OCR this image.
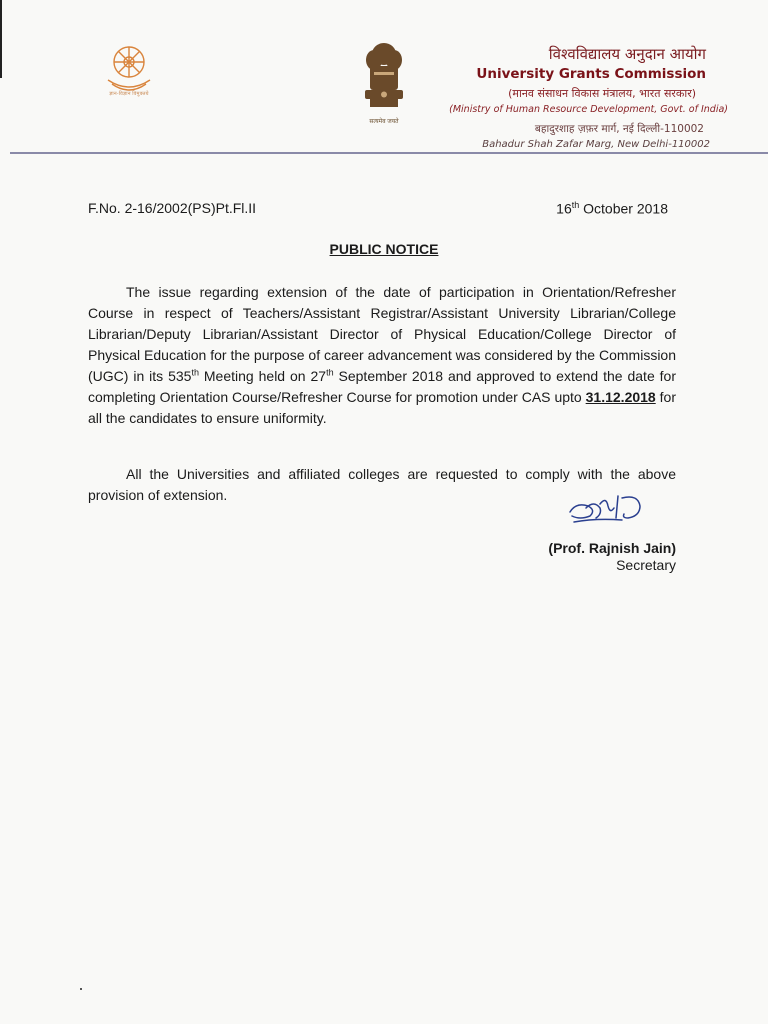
ज्ञान-विज्ञान विमुक्तये
सत्यमेव जयते
विश्वविद्यालय अनुदान आयोग
University Grants Commission
(मानव संसाधन विकास मंत्रालय, भारत सरकार)
(Ministry of Human Resource Development, Govt. of India)
बहादुरशाह ज़फ़र मार्ग, नई दिल्ली-110002
Bahadur Shah Zafar Marg, New Delhi-110002
F.No. 2-16/2002(PS)Pt.Fl.II	16th October 2018
PUBLIC NOTICE

The issue regarding extension of the date of participation in Orientation/Refresher Course in respect of Teachers/Assistant Registrar/Assistant University Librarian/College Librarian/Deputy Librarian/Assistant Director of Physical Education/College Director of Physical Education for the purpose of career advancement was considered by the Commission (UGC) in its 535th Meeting held on 27th September 2018 and approved to extend the date for completing Orientation Course/Refresher Course for promotion under CAS upto 31.12.2018 for all the candidates to ensure uniformity.

All the Universities and affiliated colleges are requested to comply with the above provision of extension.

(Prof. Rajnish Jain)
Secretary
